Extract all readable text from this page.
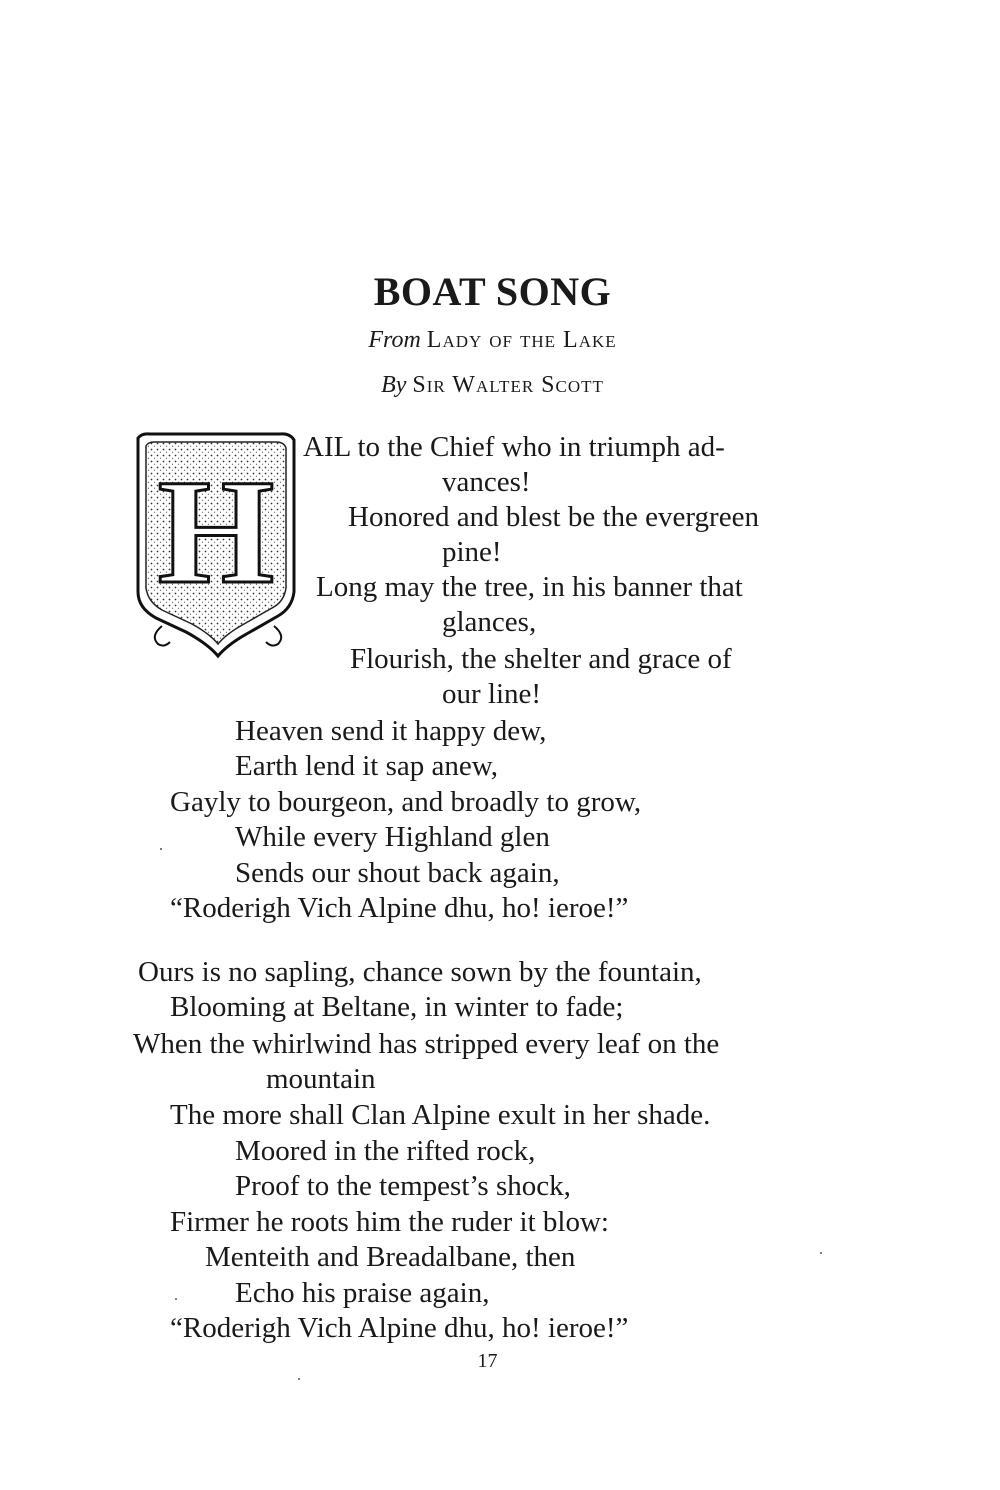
BOAT SONG
From Lady of the Lake
By Sir Walter Scott
H
AIL to the Chief who in triumph ad-
vances!
Honored and blest be the evergreen
pine!
Long may the tree, in his banner that
glances,
Flourish, the shelter and grace of
our line!
Heaven send it happy dew,
Earth lend it sap anew,
Gayly to bourgeon, and broadly to grow,
While every Highland glen
Sends our shout back again,
“Roderigh Vich Alpine dhu, ho! ieroe!”
Ours is no sapling, chance sown by the fountain,
Blooming at Beltane, in winter to fade;
When the whirlwind has stripped every leaf on the
mountain
The more shall Clan Alpine exult in her shade.
Moored in the rifted rock,
Proof to the tempest’s shock,
Firmer he roots him the ruder it blow:
Menteith and Breadalbane, then
Echo his praise again,
“Roderigh Vich Alpine dhu, ho! ieroe!”
17
